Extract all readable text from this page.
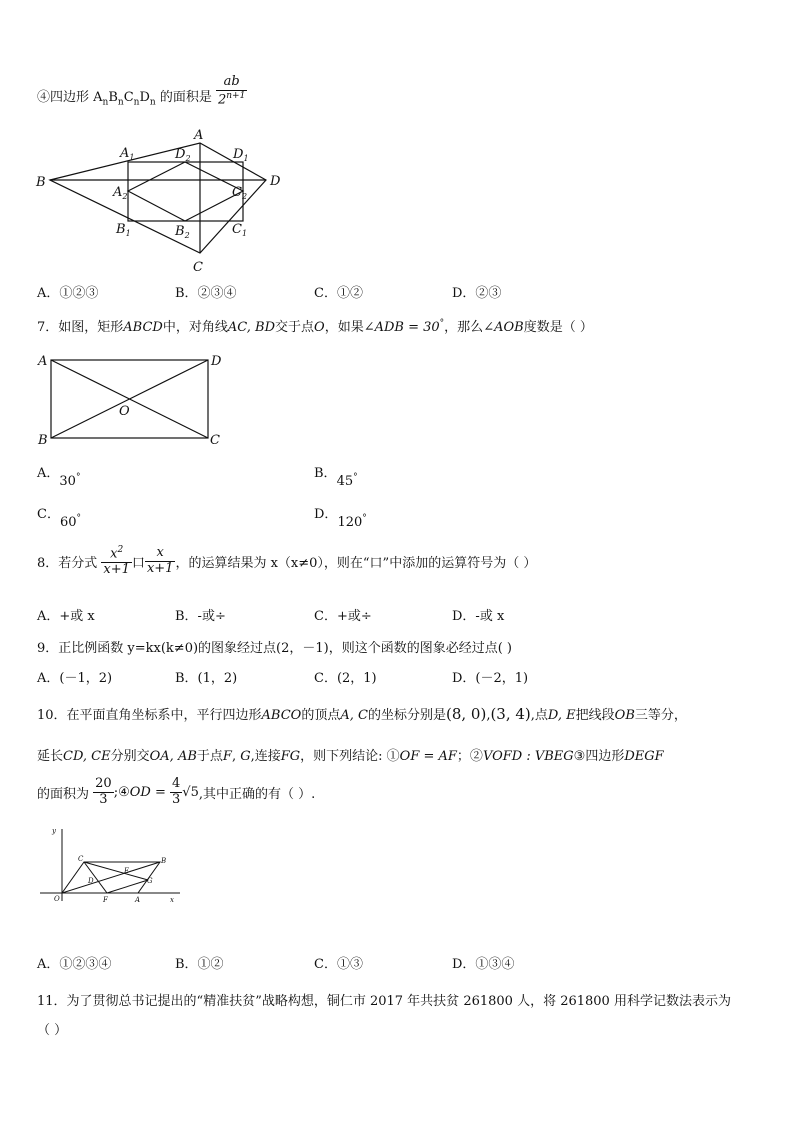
④四边形 $A_nB_nC_nD_n$ 的面积是 $\frac{ab}{2^{n+1}}$
A
$A_1$	$D_2$	$D_1$
B	D
$A_2$	$C_2$
$B_1$	$B_2$	$C_1$
C
A．①②③	B．②③④	C．①②	D．②③
7．如图，矩形ABCD中，对角线AC, BD交于点O，如果∠ADB = 30°，那么∠AOB度数是（ ）
A	D
B	C
O
A．30°	B．45°
C．60°	D．120°
8．若分式 $\frac{x^2}{x+1}$ 口 $\frac{x}{x+1}$ ，的运算结果为 x（x≠0），则在“口”中添加的运算符号为（ ）
A．+或 x	B．-或÷	C．+或÷	D．-或 x
9．正比例函数 y=kx(k≠0)的图象经过点(2，－1)，则这个函数的图象必经过点( )
A．(－1，2)	B．(1，2)	C．(2，1)	D．(－2，1)
10．在平面直角坐标系中，平行四边形ABCO的顶点A, C的坐标分别是(8, 0),(3, 4),点D, E把线段OB三等分，
延长CD, CE分别交OA, AB于点F, G,连接FG，则下列结论: ①OF = AF；②VOFD : VBEG③四边形DEGF
的面积为 $\frac{20}{3}$ ;④OD = $\frac{4}{3} √5$,其中正确的有（ ）.
y
x
O
C	B
D
E
G
F	A
A．①②③④	B．①②	C．①③	D．①③④
11．为了贯彻总书记提出的“精准扶贫”战略构想，铜仁市 2017 年共扶贫 261800 人，将 261800 用科学记数法表示为
（ ）
